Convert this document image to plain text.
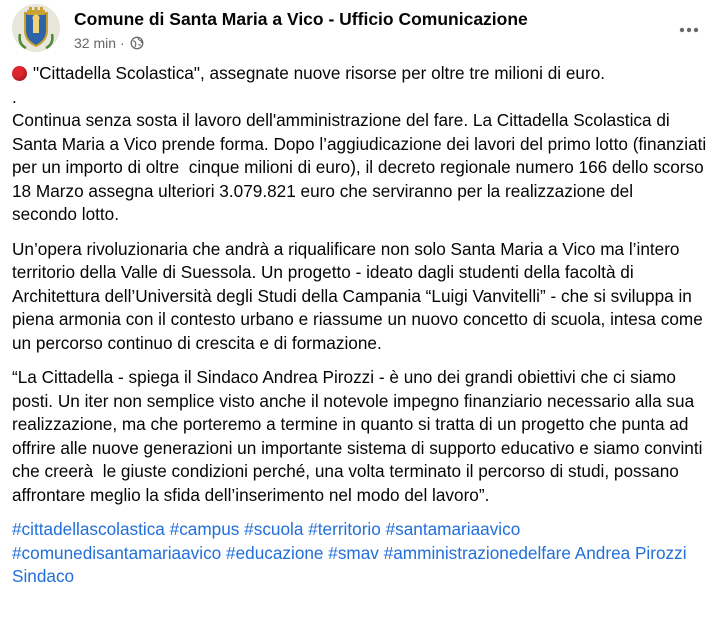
Comune di Santa Maria a Vico - Ufficio Comunicazione
32 min ·

"Cittadella Scolastica", assegnate nuove risorse per oltre tre milioni di euro.

.

Continua senza sosta il lavoro dell'amministrazione del fare. La Cittadella Scolastica di Santa Maria a Vico prende forma. Dopo l’aggiudicazione dei lavori del primo lotto (finanziati per un importo di oltre  cinque milioni di euro), il decreto regionale numero 166 dello scorso 18 Marzo assegna ulteriori 3.079.821 euro che serviranno per la realizzazione del  secondo lotto.

Un’opera rivoluzionaria che andrà a riqualificare non solo Santa Maria a Vico ma l’intero territorio della Valle di Suessola. Un progetto - ideato dagli studenti della facoltà di Architettura dell’Università degli Studi della Campania “Luigi Vanvitelli” - che si sviluppa in piena armonia con il contesto urbano e riassume un nuovo concetto di scuola, intesa come un percorso continuo di crescita e di formazione.

“La Cittadella - spiega il Sindaco Andrea Pirozzi - è uno dei grandi obiettivi che ci siamo posti. Un iter non semplice visto anche il notevole impegno finanziario necessario alla sua realizzazione, ma che porteremo a termine in quanto si tratta di un progetto che punta ad offrire alle nuove generazioni un importante sistema di supporto educativo e siamo convinti che creerà  le giuste condizioni perché, una volta terminato il percorso di studi, possano  affrontare meglio la sfida dell’inserimento nel modo del lavoro”.

#cittadellascolastica #campus #scuola #territorio #santamariaavico #comunedisantamariaavico #educazione #smav #amministrazionedelfare Andrea Pirozzi Sindaco
